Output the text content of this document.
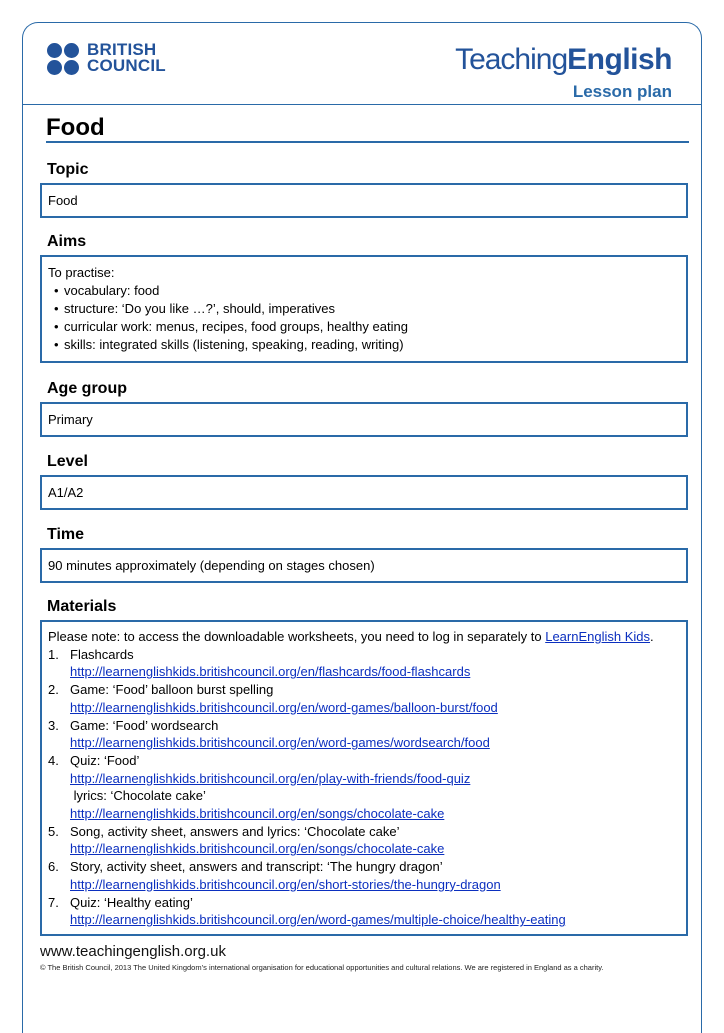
BRITISH
COUNCIL	TeachingEnglish
Lesson plan
Food
Topic
Food
Aims
To practise:
• vocabulary: food
• structure: ‘Do you like …?’, should, imperatives
• curricular work: menus, recipes, food groups, healthy eating
• skills: integrated skills (listening, speaking, reading, writing)
Age group
Primary
Level
A1/A2
Time
90 minutes approximately (depending on stages chosen)
Materials
Please note: to access the downloadable worksheets, you need to log in separately to LearnEnglish Kids.
1. Flashcards
http://learnenglishkids.britishcouncil.org/en/flashcards/food-flashcards
2. Game: ‘Food’ balloon burst spelling
http://learnenglishkids.britishcouncil.org/en/word-games/balloon-burst/food
3. Game: ‘Food’ wordsearch
http://learnenglishkids.britishcouncil.org/en/word-games/wordsearch/food
4. Quiz: ‘Food’
http://learnenglishkids.britishcouncil.org/en/play-with-friends/food-quiz
lyrics: ‘Chocolate cake’
http://learnenglishkids.britishcouncil.org/en/songs/chocolate-cake
5. Song, activity sheet, answers and lyrics: ‘Chocolate cake’
http://learnenglishkids.britishcouncil.org/en/songs/chocolate-cake
6. Story, activity sheet, answers and transcript: ‘The hungry dragon’
http://learnenglishkids.britishcouncil.org/en/short-stories/the-hungry-dragon
7. Quiz: ‘Healthy eating’
http://learnenglishkids.britishcouncil.org/en/word-games/multiple-choice/healthy-eating
www.teachingenglish.org.uk
© The British Council, 2013 The United Kingdom’s international organisation for educational opportunities and cultural relations. We are registered in England as a charity.
